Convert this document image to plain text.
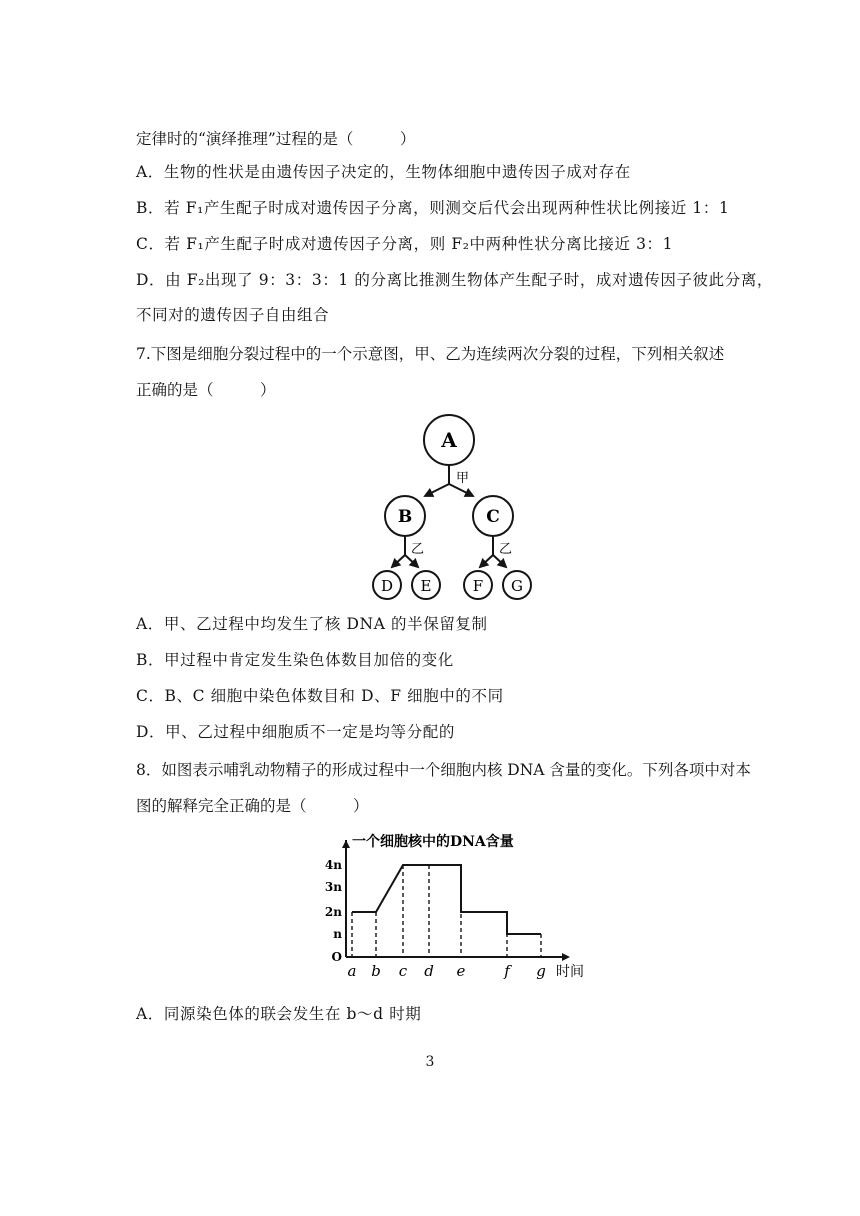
定律时的“演绎推理”过程的是（　　　）
A．生物的性状是由遗传因子决定的，生物体细胞中遗传因子成对存在
B．若 F₁产生配子时成对遗传因子分离，则测交后代会出现两种性状比例接近 1：1
C．若 F₁产生配子时成对遗传因子分离，则 F₂中两种性状分离比接近 3：1
D．由 F₂出现了 9：3：3：1 的分离比推测生物体产生配子时，成对遗传因子彼此分离，
不同对的遗传因子自由组合
7.下图是细胞分裂过程中的一个示意图，甲、乙为连续两次分裂的过程，下列相关叙述
正确的是（　　　）
A
甲
B	C
乙	乙
D E	F G
A．甲、乙过程中均发生了核 DNA 的半保留复制
B．甲过程中肯定发生染色体数目加倍的变化
C．B、C 细胞中染色体数目和 D、F 细胞中的不同
D．甲、乙过程中细胞质不一定是均等分配的
8．如图表示哺乳动物精子的形成过程中一个细胞内核 DNA 含量的变化。下列各项中对本
图的解释完全正确的是（　　　）
一个细胞核中的DNA含量
4n
3n
2n
n
O
a b c d e	f g 时间
A．同源染色体的联会发生在 b～d 时期
3
